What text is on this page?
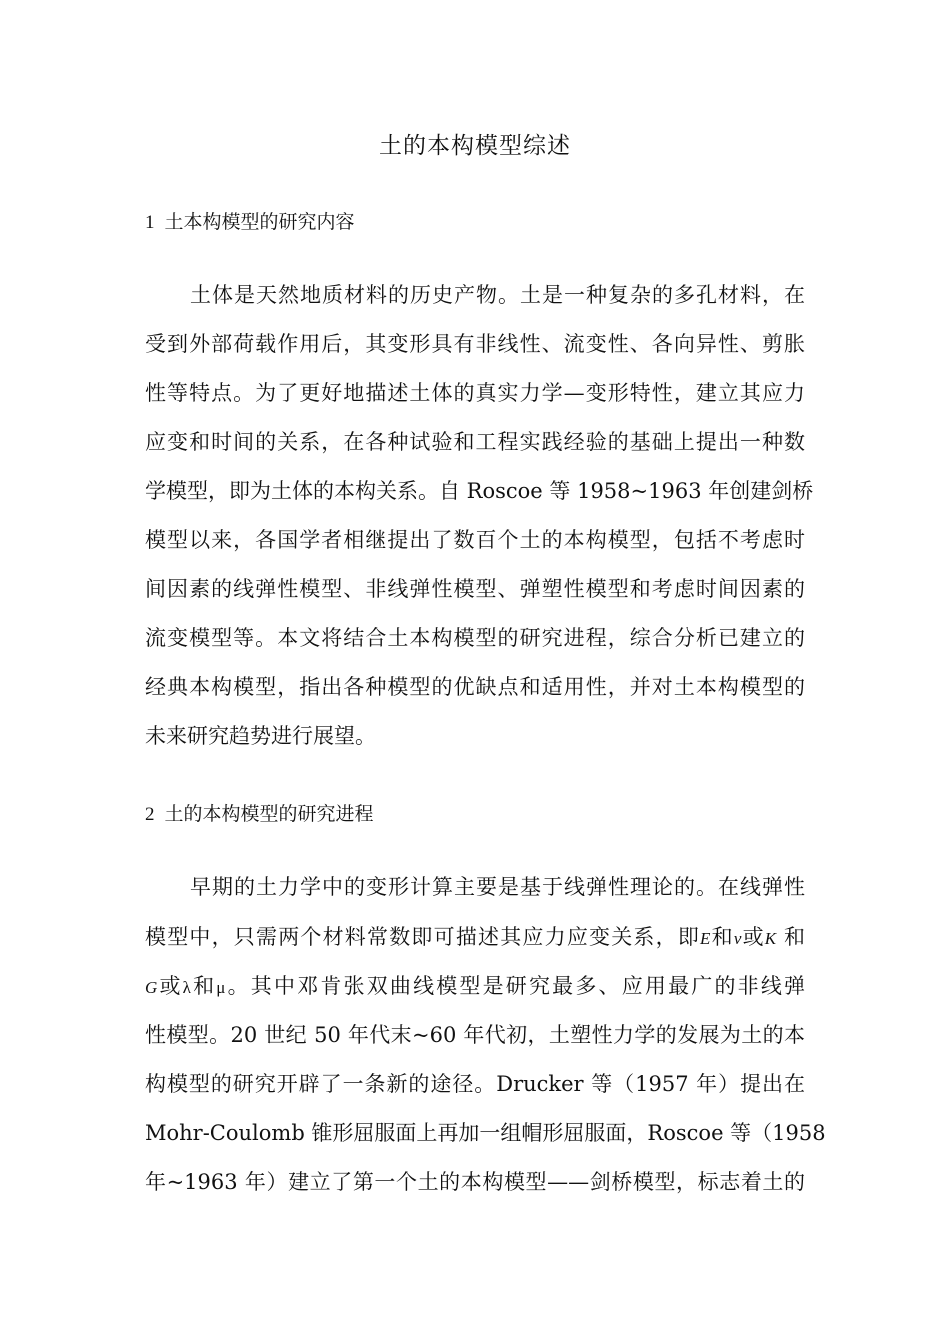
土的本构模型综述
1 土本构模型的研究内容
土体是天然地质材料的历史产物。土是一种复杂的多孔材料，在
受到外部荷载作用后，其变形具有非线性、流变性、各向异性、剪胀
性等特点。为了更好地描述土体的真实力学—变形特性，建立其应力
应变和时间的关系，在各种试验和工程实践经验的基础上提出一种数
学模型，即为土体的本构关系。自 Roscoe 等 1958~1963 年创建剑桥
模型以来，各国学者相继提出了数百个土的本构模型，包括不考虑时
间因素的线弹性模型、非线弹性模型、弹塑性模型和考虑时间因素的
流变模型等。本文将结合土本构模型的研究进程，综合分析已建立的
经典本构模型，指出各种模型的优缺点和适用性，并对土本构模型的
未来研究趋势进行展望。
2 土的本构模型的研究进程
早期的土力学中的变形计算主要是基于线弹性理论的。在线弹性
模型中，只需两个材料常数即可描述其应力应变关系，即E和v或K 和
G或λ和μ。其中邓肯张双曲线模型是研究最多、应用最广的非线弹
性模型。20 世纪 50 年代末~60 年代初，土塑性力学的发展为土的本
构模型的研究开辟了一条新的途径。Drucker 等（1957 年）提出在
Mohr-Coulomb 锥形屈服面上再加一组帽形屈服面，Roscoe 等（1958
年~1963 年）建立了第一个土的本构模型——剑桥模型，标志着土的
